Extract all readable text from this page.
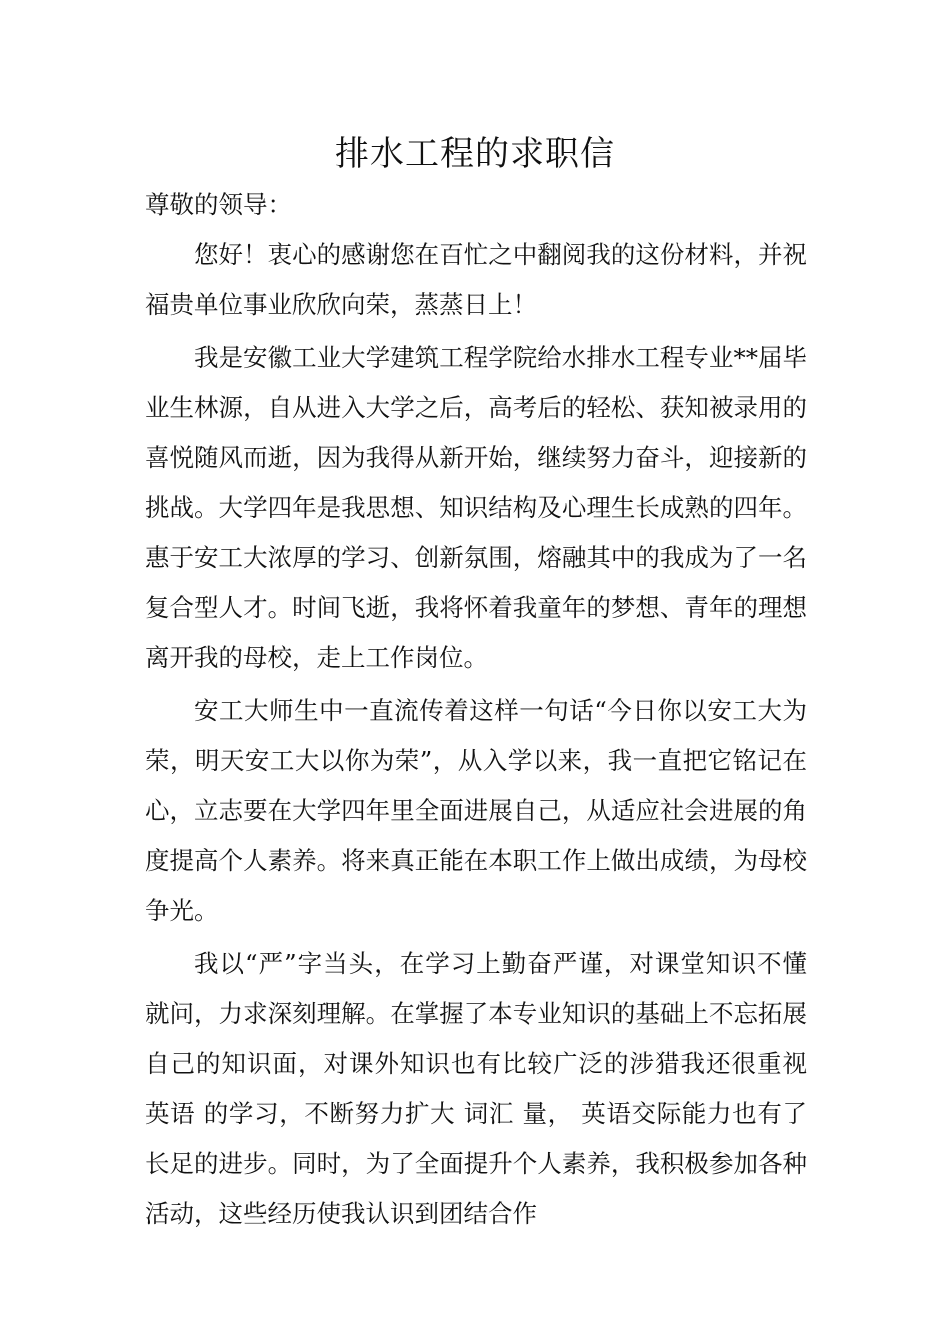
排水工程的求职信

尊敬的领导：

您好！衷心的感谢您在百忙之中翻阅我的这份材料，并祝福贵单位事业欣欣向荣，蒸蒸日上！

我是安徽工业大学建筑工程学院给水排水工程专业**届毕业生林源，自从进入大学之后，高考后的轻松、获知被录用的喜悦随风而逝，因为我得从新开始，继续努力奋斗，迎接新的挑战。大学四年是我思想、知识结构及心理生长成熟的四年。惠于安工大浓厚的学习、创新氛围，熔融其中的我成为了一名复合型人才。时间飞逝，我将怀着我童年的梦想、青年的理想离开我的母校，走上工作岗位。

安工大师生中一直流传着这样一句话“今日你以安工大为荣，明天安工大以你为荣”，从入学以来，我一直把它铭记在心，立志要在大学四年里全面进展自己，从适应社会进展的角度提高个人素养。将来真正能在本职工作上做出成绩，为母校争光。

我以“严”字当头，在学习上勤奋严谨，对课堂知识不懂就问，力求深刻理解。在掌握了本专业知识的基础上不忘拓展自己的知识面，对课外知识也有比较广泛的涉猎我还很重视 英语 的学习，不断努力扩大 词汇 量， 英语交际能力也有了长足的进步。同时，为了全面提升个人素养，我积极参加各种活动，这些经历使我认识到团结合作
